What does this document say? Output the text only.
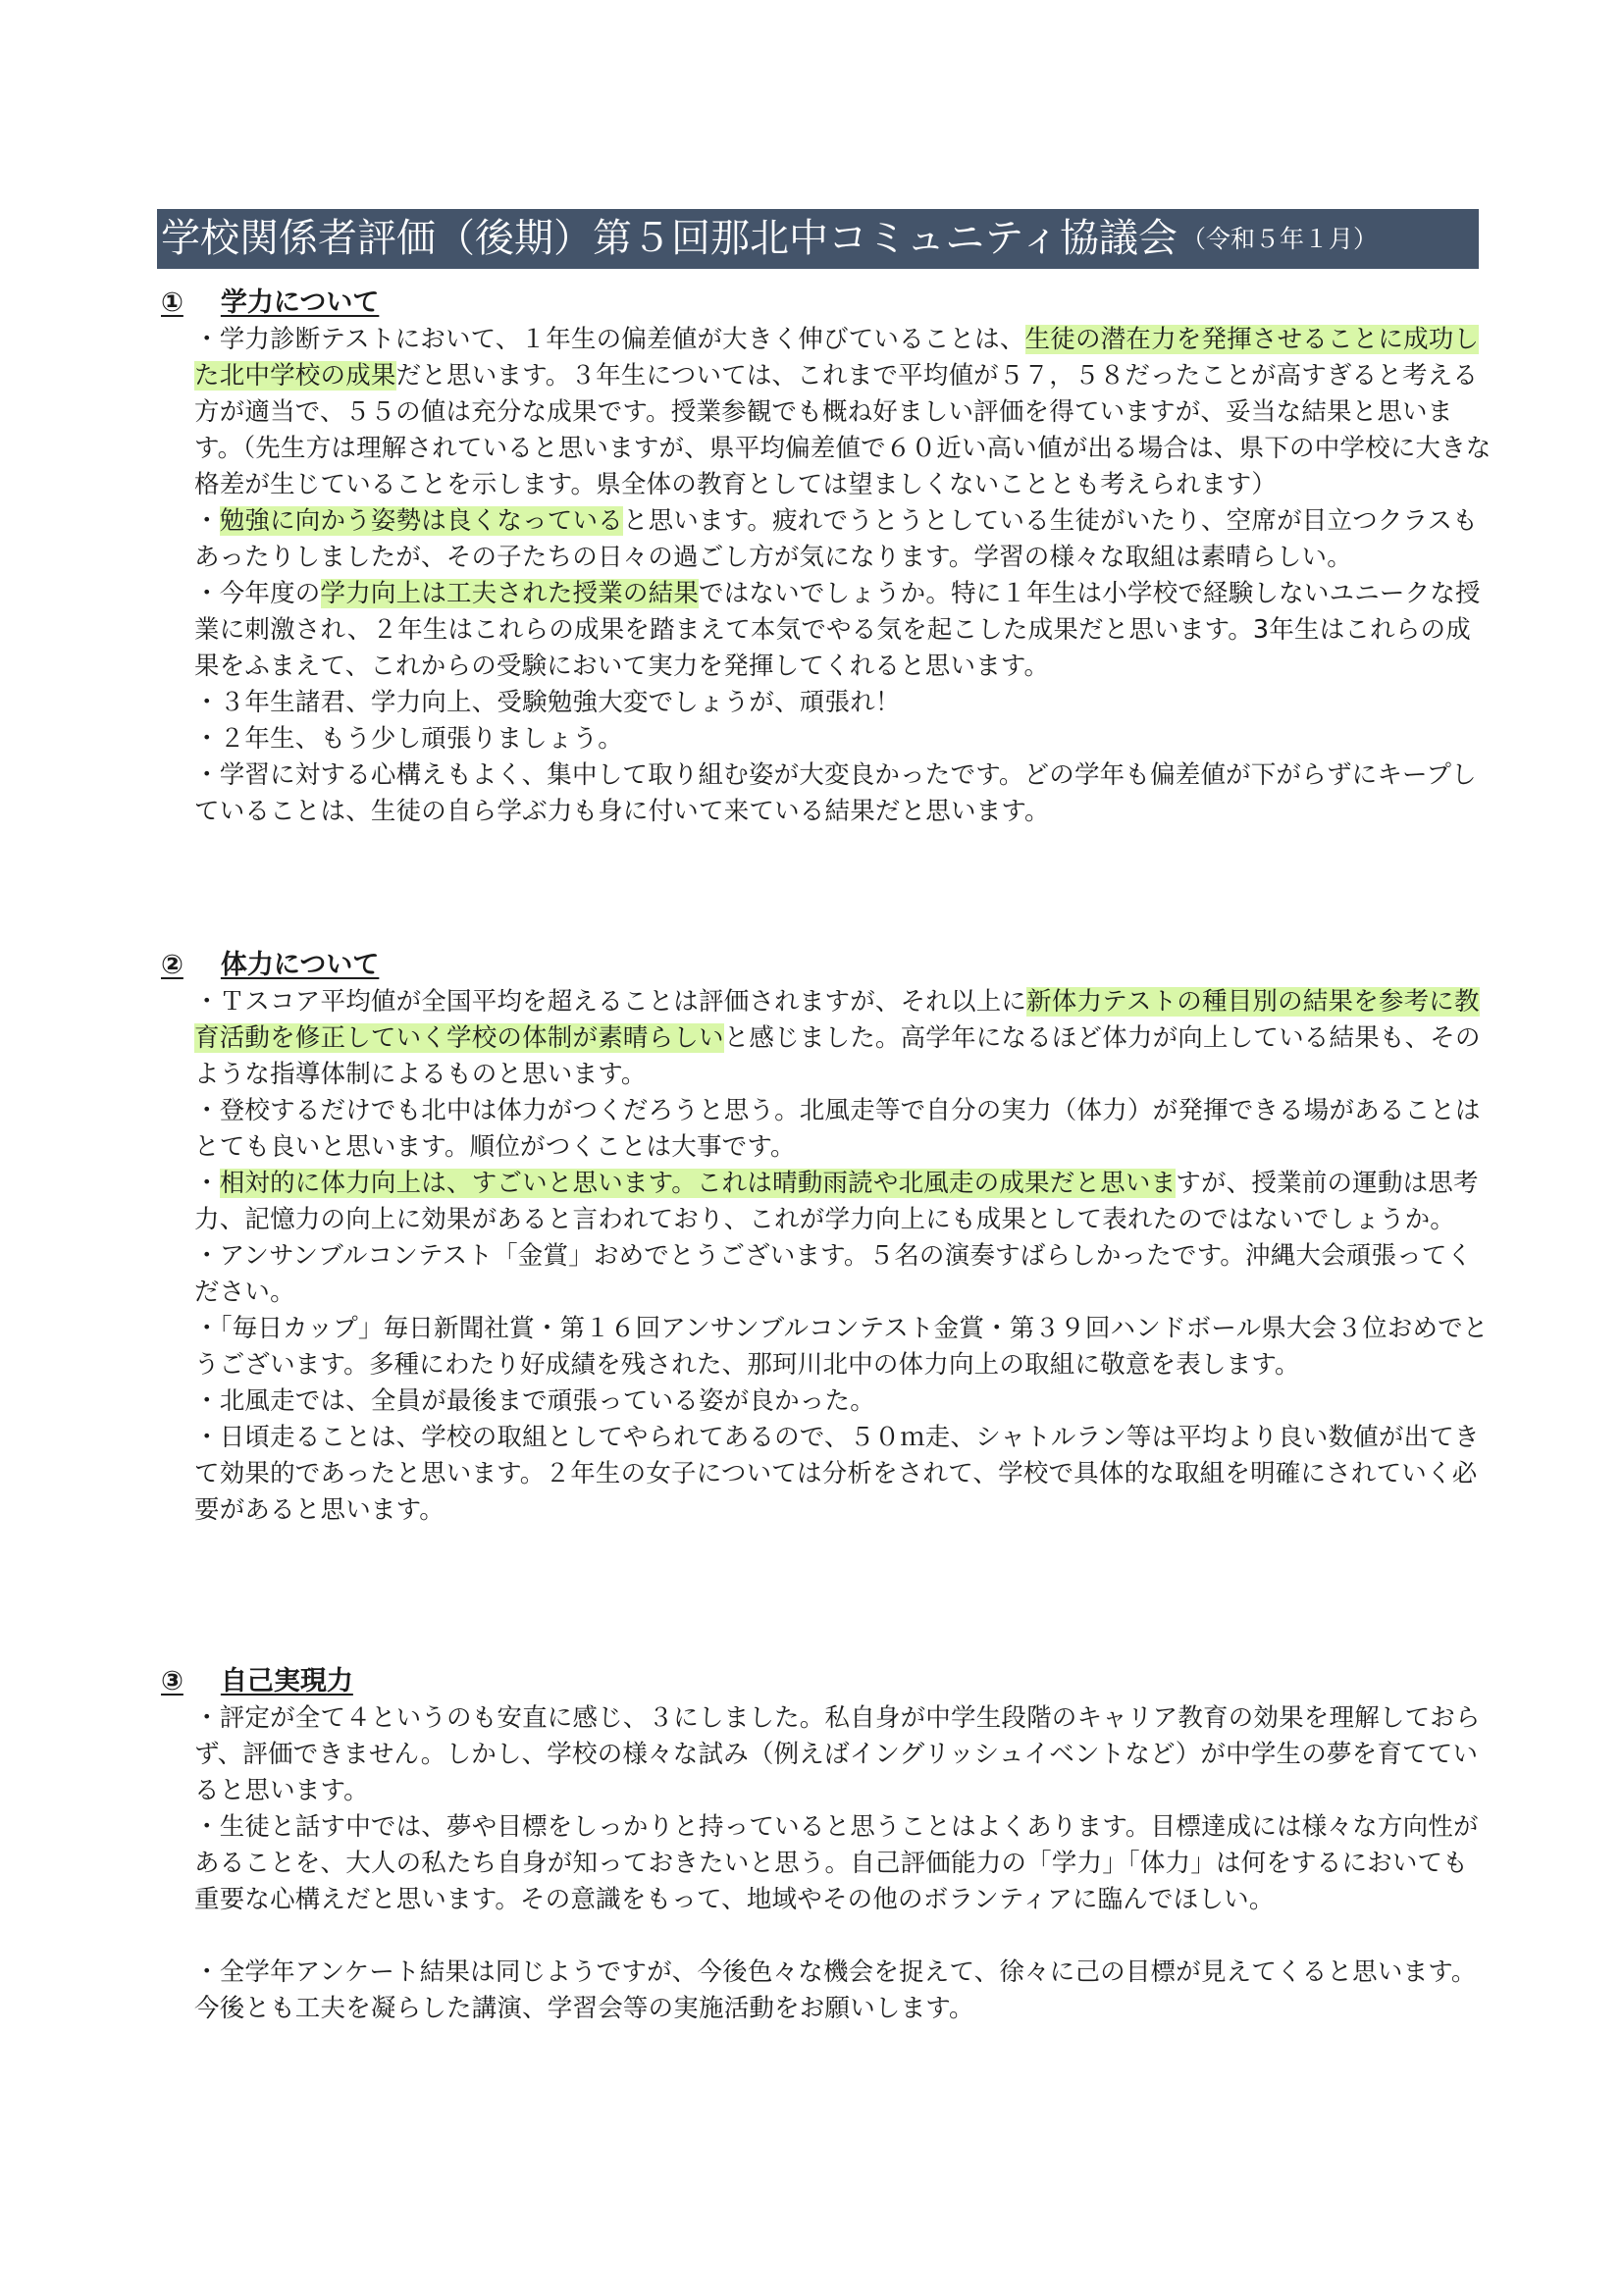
学校関係者評価（後期）第５回那北中コミュニティ協議会 （令和５年１月）
① 学力について

・学力診断テストにおいて、１年生の偏差値が大きく伸びていることは、生徒の潜在力を発揮させることに成功した北中学校の成果だと思います。３年生については、これまで平均値が５７，５８だったことが高すぎると考える方が適当で、５５の値は充分な成果です。授業参観でも概ね好ましい評価を得ていますが、妥当な結果と思います。（先生方は理解されていると思いますが、県平均偏差値で６０近い高い値が出る場合は、県下の中学校に大きな格差が生じていることを示します。県全体の教育としては望ましくないこととも考えられます）

・勉強に向かう姿勢は良くなっていると思います。疲れでうとうとしている生徒がいたり、空席が目立つクラスもあったりしましたが、その子たちの日々の過ごし方が気になります。学習の様々な取組は素晴らしい。

・今年度の学力向上は工夫された授業の結果ではないでしょうか。特に１年生は小学校で経験しないユニークな授業に刺激され、２年生はこれらの成果を踏まえて本気でやる気を起こした成果だと思います。3年生はこれらの成果をふまえて、これからの受験において実力を発揮してくれると思います。

・３年生諸君、学力向上、受験勉強大変でしょうが、頑張れ！

・２年生、もう少し頑張りましょう。

・学習に対する心構えもよく、集中して取り組む姿が大変良かったです。どの学年も偏差値が下がらずにキープしていることは、生徒の自ら学ぶ力も身に付いて来ている結果だと思います。

② 体力について

・Ｔスコア平均値が全国平均を超えることは評価されますが、それ以上に新体力テストの種目別の結果を参考に教育活動を修正していく学校の体制が素晴らしいと感じました。高学年になるほど体力が向上している結果も、そのような指導体制によるものと思います。

・登校するだけでも北中は体力がつくだろうと思う。北風走等で自分の実力（体力）が発揮できる場があることはとても良いと思います。順位がつくことは大事です。

・相対的に体力向上は、すごいと思います。これは晴動雨読や北風走の成果だと思いますが、授業前の運動は思考力、記憶力の向上に効果があると言われており、これが学力向上にも成果として表れたのではないでしょうか。

・アンサンブルコンテスト「金賞」おめでとうございます。５名の演奏すばらしかったです。沖縄大会頑張ってください。

・「毎日カップ」毎日新聞社賞・第１６回アンサンブルコンテスト金賞・第３９回ハンドボール県大会３位おめでとうございます。多種にわたり好成績を残された、那珂川北中の体力向上の取組に敬意を表します。

・北風走では、全員が最後まで頑張っている姿が良かった。

・日頃走ることは、学校の取組としてやられてあるので、５０ｍ走、シャトルラン等は平均より良い数値が出てきて効果的であったと思います。２年生の女子については分析をされて、学校で具体的な取組を明確にされていく必要があると思います。

③ 自己実現力

・評定が全て４というのも安直に感じ、３にしました。私自身が中学生段階のキャリア教育の効果を理解しておらず、評価できません。しかし、学校の様々な試み（例えばイングリッシュイベントなど）が中学生の夢を育てていると思います。

・生徒と話す中では、夢や目標をしっかりと持っていると思うことはよくあります。目標達成には様々な方向性があることを、大人の私たち自身が知っておきたいと思う。自己評価能力の「学力」「体力」は何をするにおいても重要な心構えだと思います。その意識をもって、地域やその他のボランティアに臨んでほしい。

・全学年アンケート結果は同じようですが、今後色々な機会を捉えて、徐々に己の目標が見えてくると思います。今後とも工夫を凝らした講演、学習会等の実施活動をお願いします。
